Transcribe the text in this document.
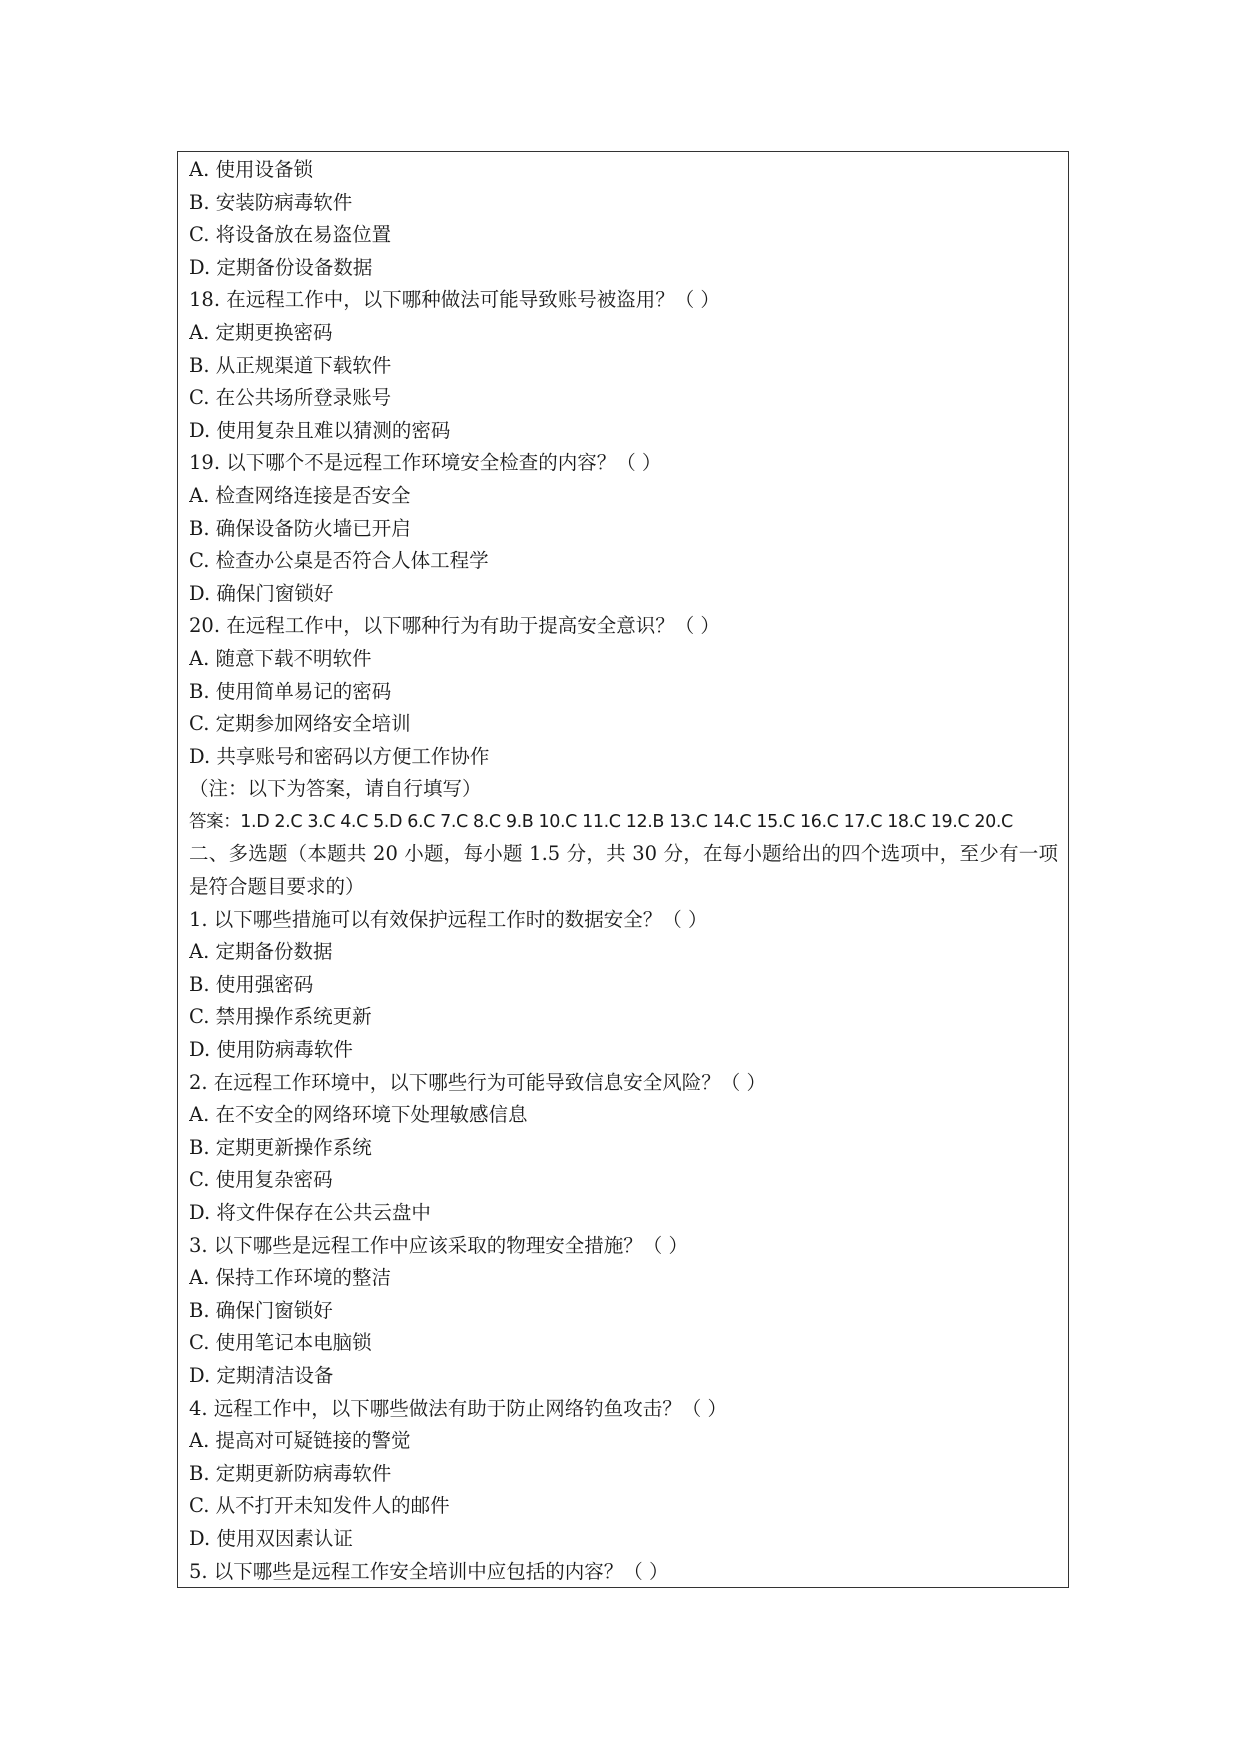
A. 使用设备锁
B. 安装防病毒软件
C. 将设备放在易盗位置
D. 定期备份设备数据
18. 在远程工作中，以下哪种做法可能导致账号被盗用？（ ）
A. 定期更换密码
B. 从正规渠道下载软件
C. 在公共场所登录账号
D. 使用复杂且难以猜测的密码
19. 以下哪个不是远程工作环境安全检查的内容？（ ）
A. 检查网络连接是否安全
B. 确保设备防火墙已开启
C. 检查办公桌是否符合人体工程学
D. 确保门窗锁好
20. 在远程工作中，以下哪种行为有助于提高安全意识？（ ）
A. 随意下载不明软件
B. 使用简单易记的密码
C. 定期参加网络安全培训
D. 共享账号和密码以方便工作协作
（注：以下为答案，请自行填写）
答案：1.D 2.C 3.C 4.C 5.D 6.C 7.C 8.C 9.B 10.C 11.C 12.B 13.C 14.C 15.C 16.C 17.C 18.C 19.C 20.C
二、多选题（本题共 20 小题，每小题 1.5 分，共 30 分，在每小题给出的四个选项中，至少有一项是符合题目要求的）
1. 以下哪些措施可以有效保护远程工作时的数据安全？（ ）
A. 定期备份数据
B. 使用强密码
C. 禁用操作系统更新
D. 使用防病毒软件
2. 在远程工作环境中，以下哪些行为可能导致信息安全风险？（ ）
A. 在不安全的网络环境下处理敏感信息
B. 定期更新操作系统
C. 使用复杂密码
D. 将文件保存在公共云盘中
3. 以下哪些是远程工作中应该采取的物理安全措施？（ ）
A. 保持工作环境的整洁
B. 确保门窗锁好
C. 使用笔记本电脑锁
D. 定期清洁设备
4. 远程工作中，以下哪些做法有助于防止网络钓鱼攻击？（ ）
A. 提高对可疑链接的警觉
B. 定期更新防病毒软件
C. 从不打开未知发件人的邮件
D. 使用双因素认证
5. 以下哪些是远程工作安全培训中应包括的内容？（ ）
